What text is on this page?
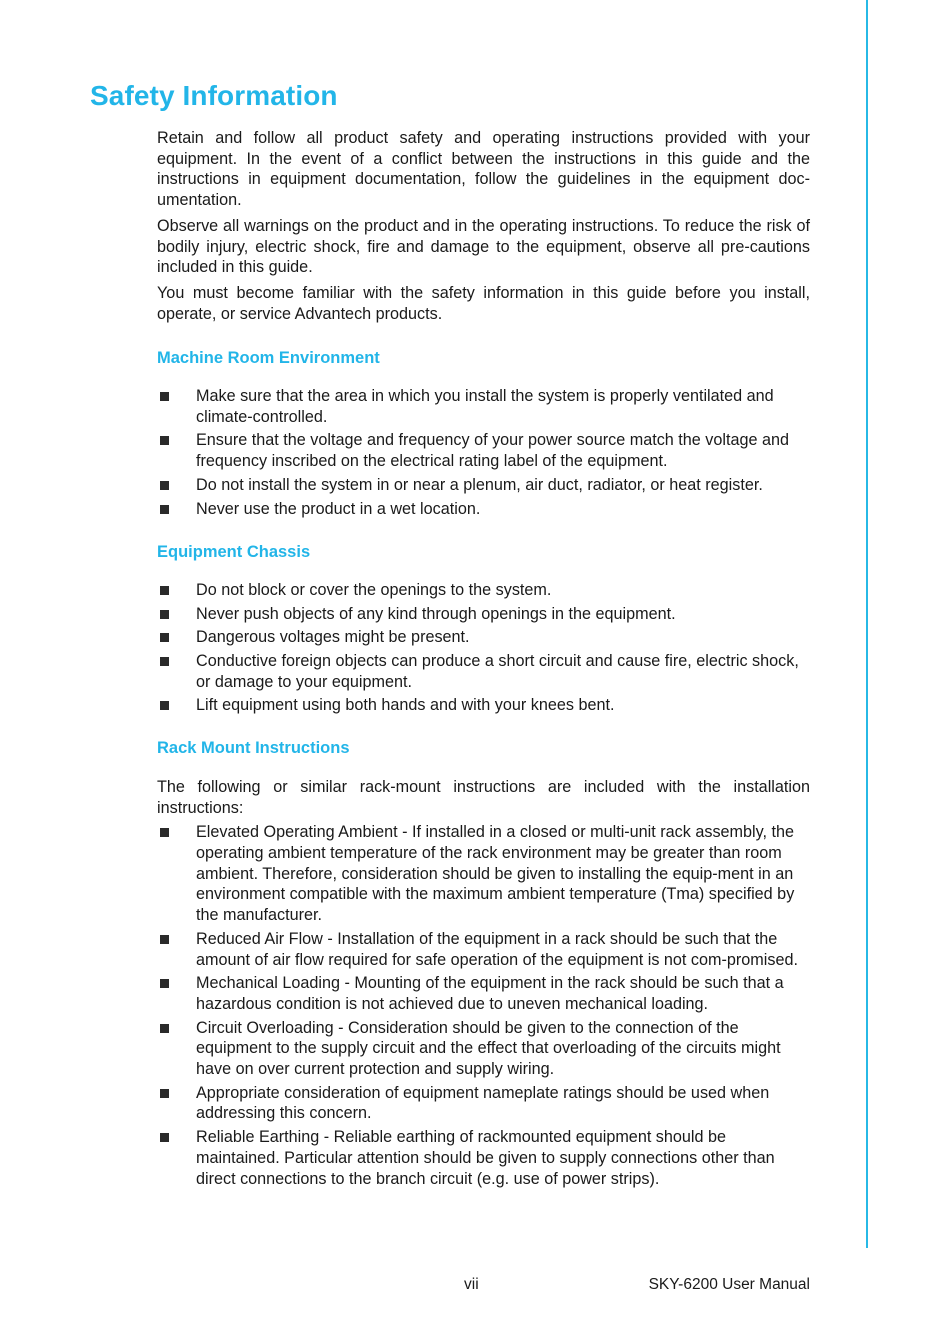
Safety Information

Retain and follow all product safety and operating instructions provided with your equipment. In the event of a conflict between the instructions in this guide and the instructions in equipment documentation, follow the guidelines in the equipment doc-umentation.

Observe all warnings on the product and in the operating instructions. To reduce the risk of bodily injury, electric shock, fire and damage to the equipment, observe all pre-cautions included in this guide.

You must become familiar with the safety information in this guide before you install, operate, or service Advantech products.

Machine Room Environment
Make sure that the area in which you install the system is properly ventilated and climate-controlled.
Ensure that the voltage and frequency of your power source match the voltage and frequency inscribed on the electrical rating label of the equipment.
Do not install the system in or near a plenum, air duct, radiator, or heat register.
Never use the product in a wet location.
Equipment Chassis
Do not block or cover the openings to the system.
Never push objects of any kind through openings in the equipment.
Dangerous voltages might be present.
Conductive foreign objects can produce a short circuit and cause fire, electric shock, or damage to your equipment.
Lift equipment using both hands and with your knees bent.
Rack Mount Instructions

The following or similar rack-mount instructions are included with the installation instructions:

Elevated Operating Ambient - If installed in a closed or multi-unit rack assembly, the operating ambient temperature of the rack environment may be greater than room ambient. Therefore, consideration should be given to installing the equip-ment in an environment compatible with the maximum ambient temperature (Tma) specified by the manufacturer.
Reduced Air Flow - Installation of the equipment in a rack should be such that the amount of air flow required for safe operation of the equipment is not com-promised.
Mechanical Loading - Mounting of the equipment in the rack should be such that a hazardous condition is not achieved due to uneven mechanical loading.
Circuit Overloading - Consideration should be given to the connection of the equipment to the supply circuit and the effect that overloading of the circuits might have on over current protection and supply wiring.
Appropriate consideration of equipment nameplate ratings should be used when addressing this concern.
Reliable Earthing - Reliable earthing of rackmounted equipment should be maintained. Particular attention should be given to supply connections other than direct connections to the branch circuit (e.g. use of power strips).
vii	SKY-6200 User Manual
